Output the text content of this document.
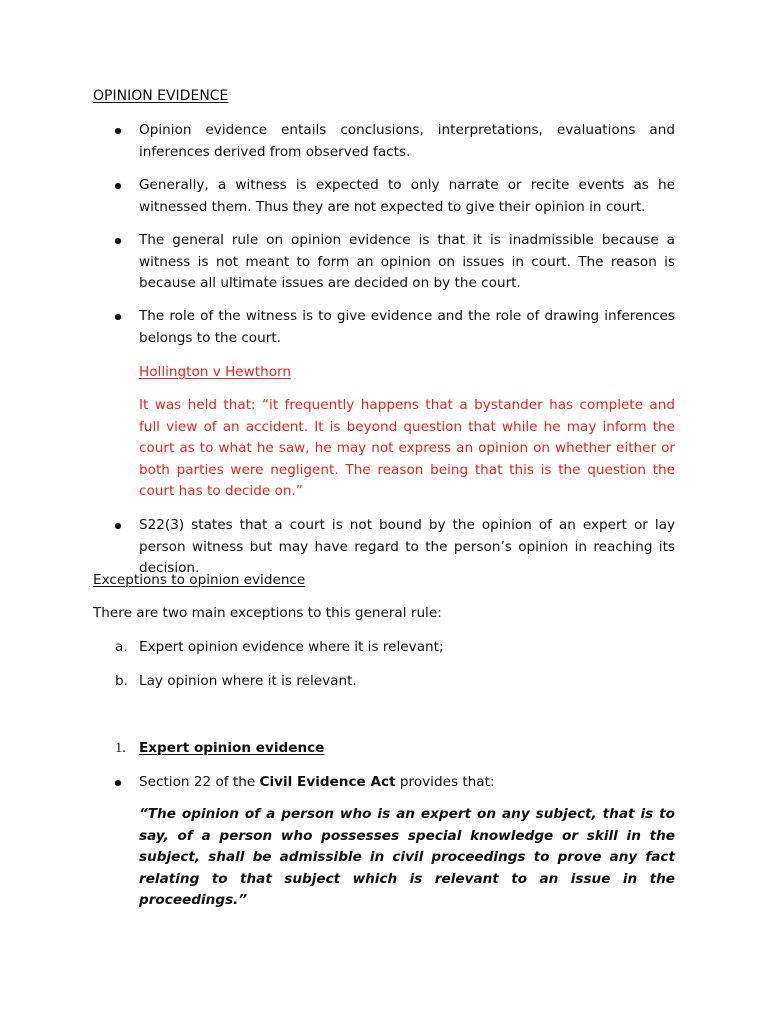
OPINION EVIDENCE
Opinion evidence entails conclusions, interpretations, evaluations and inferences derived from observed facts.
Generally, a witness is expected to only narrate or recite events as he witnessed them. Thus they are not expected to give their opinion in court.
The general rule on opinion evidence is that it is inadmissible because a witness is not meant to form an opinion on issues in court. The reason is because all ultimate issues are decided on by the court.
The role of the witness is to give evidence and the role of drawing inferences belongs to the court.
Hollington v Hewthorn
It was held that: “it frequently happens that a bystander has complete and full view of an accident. It is beyond question that while he may inform the court as to what he saw, he may not express an opinion on whether either or both parties were negligent. The reason being that this is the question the court has to decide on.”
S22(3) states that a court is not bound by the opinion of an expert or lay person witness but may have regard to the person’s opinion in reaching its decision.
Exceptions to opinion evidence
There are two main exceptions to this general rule:
a. Expert opinion evidence where it is relevant;
b. Lay opinion where it is relevant.
1. Expert opinion evidence
Section 22 of the Civil Evidence Act provides that:
“The opinion of a person who is an expert on any subject, that is to say, of a person who possesses special knowledge or skill in the subject, shall be admissible in civil proceedings to prove any fact relating to that subject which is relevant to an issue in the proceedings.”
